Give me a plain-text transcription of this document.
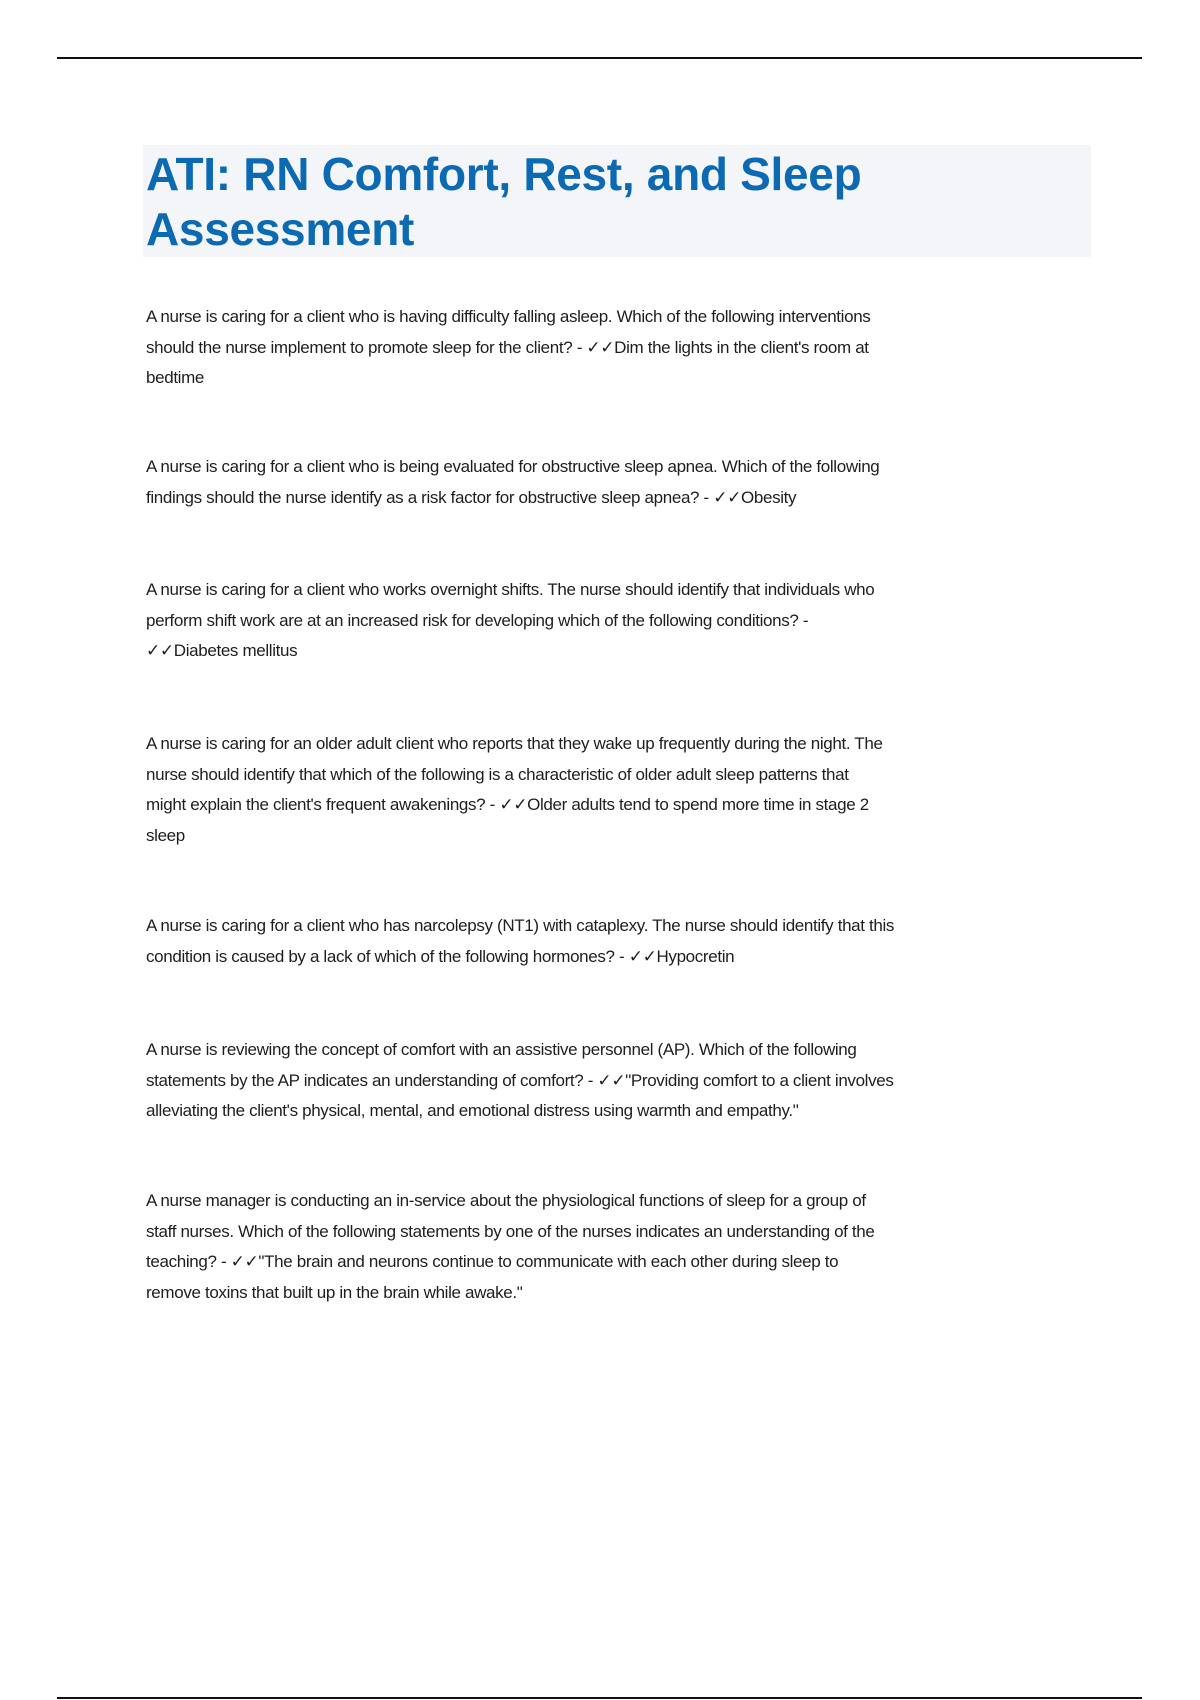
ATI: RN Comfort, Rest, and Sleep
Assessment
A nurse is caring for a client who is having difficulty falling asleep. Which of the following interventions
should the nurse implement to promote sleep for the client? - ✓✓Dim the lights in the client's room at
bedtime
A nurse is caring for a client who is being evaluated for obstructive sleep apnea. Which of the following
findings should the nurse identify as a risk factor for obstructive sleep apnea? - ✓✓Obesity
A nurse is caring for a client who works overnight shifts. The nurse should identify that individuals who
perform shift work are at an increased risk for developing which of the following conditions? -
✓✓Diabetes mellitus
A nurse is caring for an older adult client who reports that they wake up frequently during the night. The
nurse should identify that which of the following is a characteristic of older adult sleep patterns that
might explain the client's frequent awakenings? - ✓✓Older adults tend to spend more time in stage 2
sleep
A nurse is caring for a client who has narcolepsy (NT1) with cataplexy. The nurse should identify that this
condition is caused by a lack of which of the following hormones? - ✓✓Hypocretin
A nurse is reviewing the concept of comfort with an assistive personnel (AP). Which of the following
statements by the AP indicates an understanding of comfort? - ✓✓"Providing comfort to a client involves
alleviating the client's physical, mental, and emotional distress using warmth and empathy."
A nurse manager is conducting an in-service about the physiological functions of sleep for a group of
staff nurses. Which of the following statements by one of the nurses indicates an understanding of the
teaching? - ✓✓"The brain and neurons continue to communicate with each other during sleep to
remove toxins that built up in the brain while awake."
